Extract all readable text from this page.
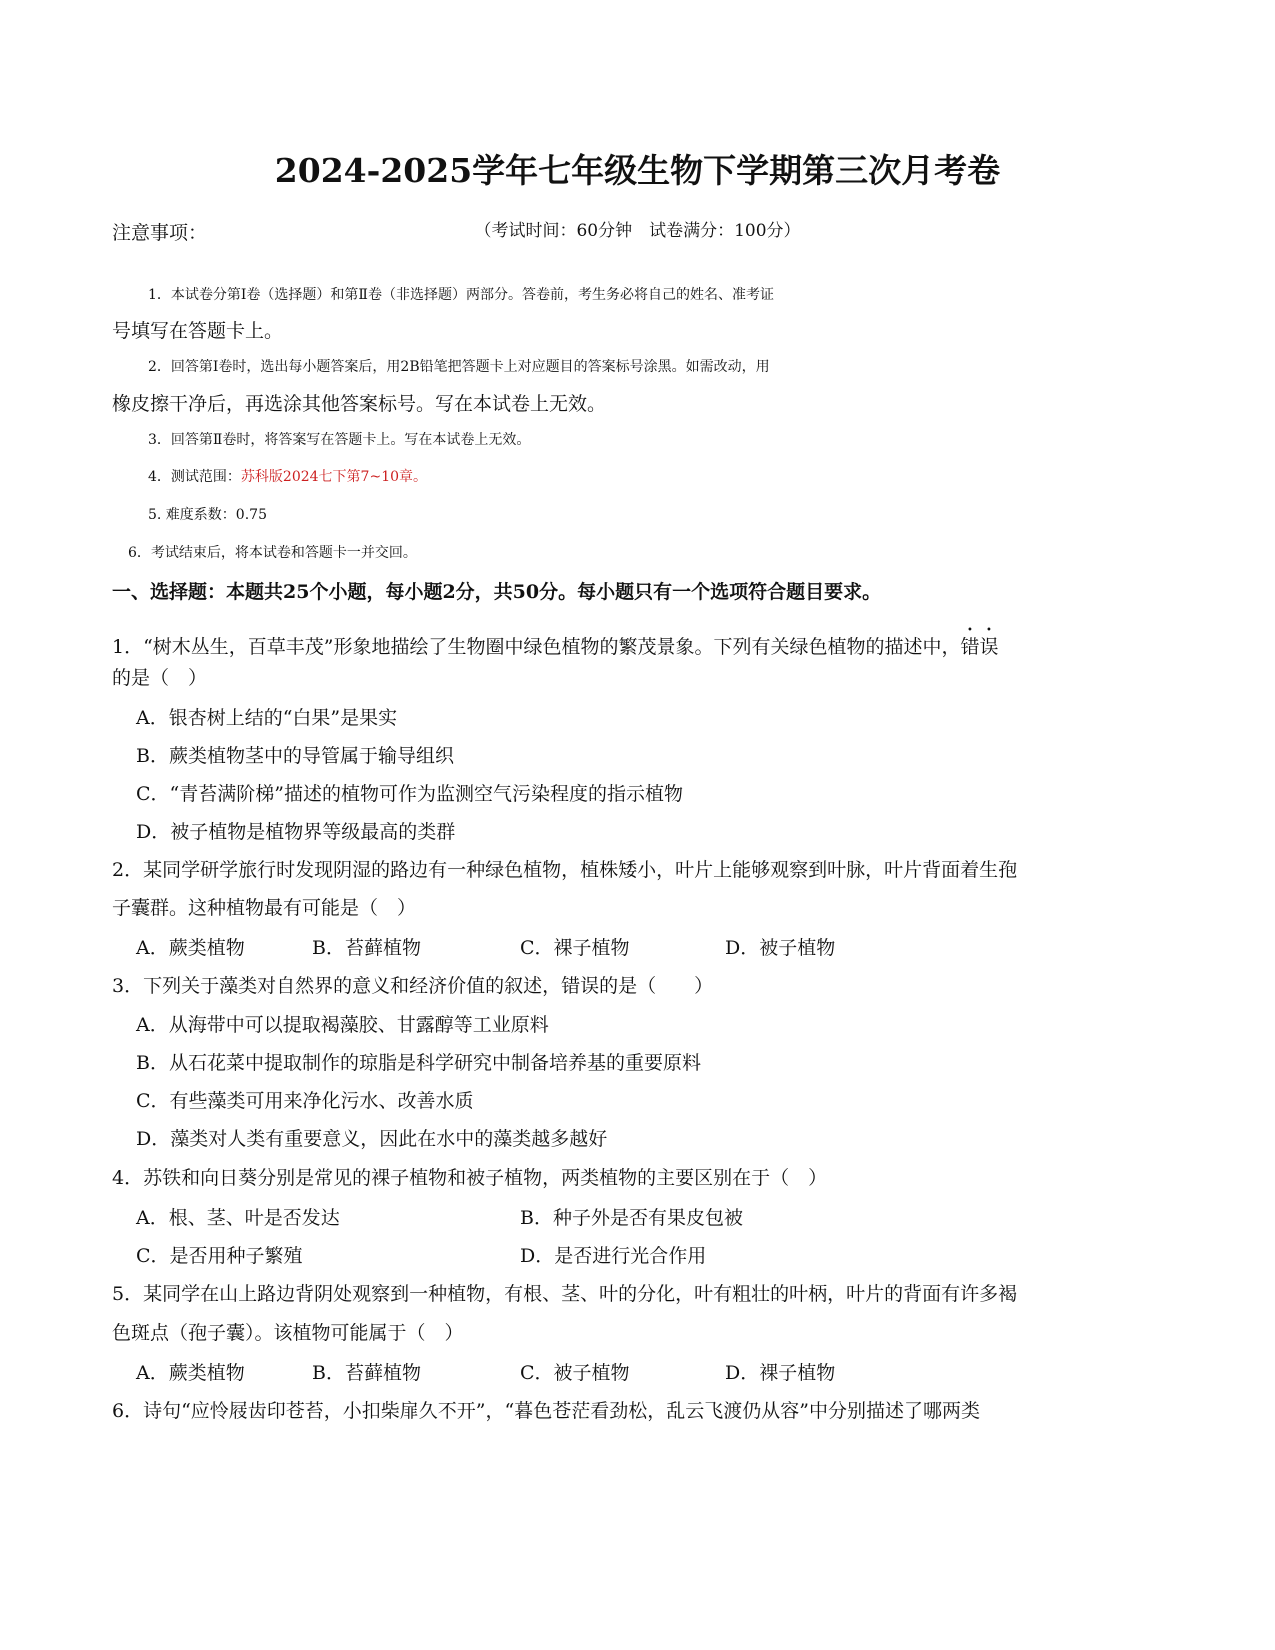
2024-2025学年七年级生物下学期第三次月考卷
（考试时间：60分钟　试卷满分：100分）
注意事项：
1．本试卷分第Ⅰ卷（选择题）和第Ⅱ卷（非选择题）两部分。答卷前，考生务必将自己的姓名、准考证
号填写在答题卡上。
2．回答第Ⅰ卷时，选出每小题答案后，用2B铅笔把答题卡上对应题目的答案标号涂黑。如需改动，用
橡皮擦干净后，再选涂其他答案标号。写在本试卷上无效。
3．回答第Ⅱ卷时，将答案写在答题卡上。写在本试卷上无效。
4．测试范围：苏科版2024七下第7~10章。
5. 难度系数：0.75
6．考试结束后，将本试卷和答题卡一并交回。
一、选择题：本题共25个小题，每小题2分，共50分。每小题只有一个选项符合题目要求。
1．“树木丛生，百草丰茂”形象地描绘了生物圈中绿色植物的繁茂景象。下列有关绿色植物的描述中，错误
的是（　）
A．银杏树上结的“白果”是果实
B．蕨类植物茎中的导管属于输导组织
C．“青苔满阶梯”描述的植物可作为监测空气污染程度的指示植物
D．被子植物是植物界等级最高的类群
2．某同学研学旅行时发现阴湿的路边有一种绿色植物，植株矮小，叶片上能够观察到叶脉，叶片背面着生孢
子囊群。这种植物最有可能是（　）
A．蕨类植物	B．苔藓植物	C．裸子植物	D．被子植物
3．下列关于藻类对自然界的意义和经济价值的叙述，错误的是（　　）
A．从海带中可以提取褐藻胶、甘露醇等工业原料
B．从石花菜中提取制作的琼脂是科学研究中制备培养基的重要原料
C．有些藻类可用来净化污水、改善水质
D．藻类对人类有重要意义，因此在水中的藻类越多越好
4．苏铁和向日葵分别是常见的裸子植物和被子植物，两类植物的主要区别在于（　）
A．根、茎、叶是否发达	B．种子外是否有果皮包被
C．是否用种子繁殖	D．是否进行光合作用
5．某同学在山上路边背阴处观察到一种植物，有根、茎、叶的分化，叶有粗壮的叶柄，叶片的背面有许多褐
色斑点（孢子囊）。该植物可能属于（　）
A．蕨类植物	B．苔藓植物	C．被子植物	D．裸子植物
6．诗句“应怜屐齿印苍苔，小扣柴扉久不开”，“暮色苍茫看劲松，乱云飞渡仍从容”中分别描述了哪两类
